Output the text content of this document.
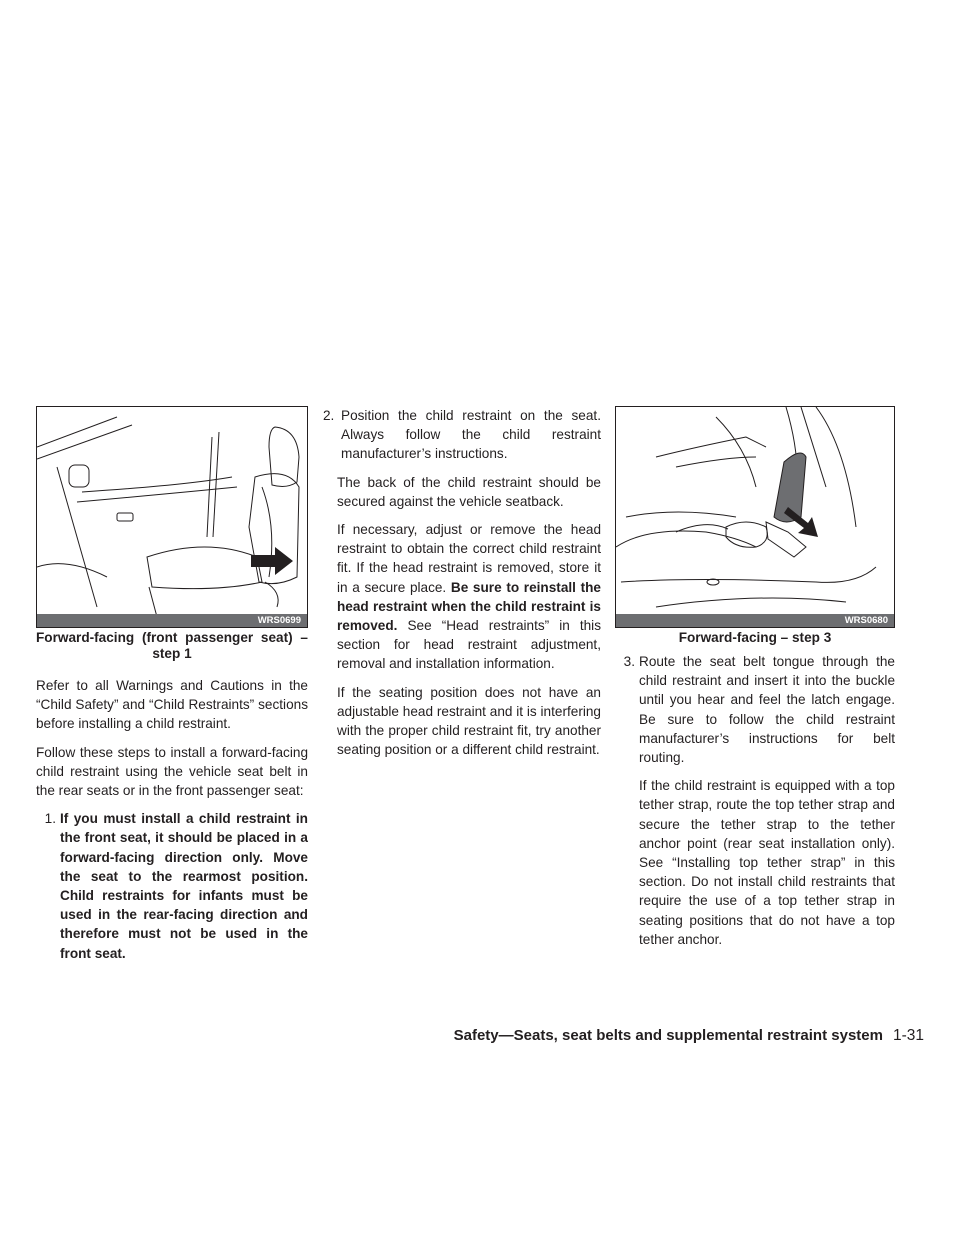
WRS0699
Forward-facing (front passenger seat) – step 1

Refer to all Warnings and Cautions in the “Child Safety” and “Child Restraints” sections before installing a child restraint.

Follow these steps to install a forward-facing child restraint using the vehicle seat belt in the rear seats or in the front passenger seat:

1. If you must install a child restraint in the front seat, it should be placed in a forward-facing direction only. Move the seat to the rearmost position. Child restraints for infants must be used in the rear-facing direction and therefore must not be used in the front seat.
2. Position the child restraint on the seat. Always follow the child restraint manufacturer’s instructions.

The back of the child restraint should be secured against the vehicle seatback.

If necessary, adjust or remove the head restraint to obtain the correct child restraint fit. If the head restraint is removed, store it in a secure place. Be sure to reinstall the head restraint when the child restraint is removed. See “Head restraints” in this section for head restraint adjustment, removal and installation information.

If the seating position does not have an adjustable head restraint and it is interfering with the proper child restraint fit, try another seating position or a different child restraint.

WRS0680
Forward-facing – step 3
3. Route the seat belt tongue through the child restraint and insert it into the buckle until you hear and feel the latch engage. Be sure to follow the child restraint manufacturer’s instructions for belt routing.

If the child restraint is equipped with a top tether strap, route the top tether strap and secure the tether strap to the tether anchor point (rear seat installation only). See “Installing top tether strap” in this section. Do not install child restraints that require the use of a top tether strap in seating positions that do not have a top tether anchor.

Safety—Seats, seat belts and supplemental restraint system 1-31
